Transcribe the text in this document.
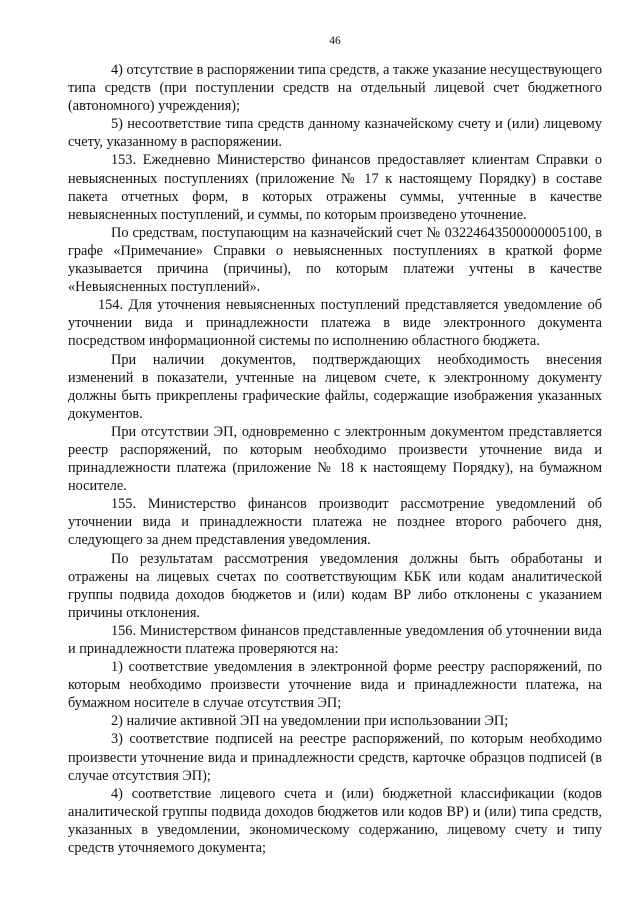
46

4) отсутствие в распоряжении типа средств, а также указание несуществующего типа средств (при поступлении средств на отдельный лицевой счет бюджетного (автономного) учреждения);

5) несоответствие типа средств данному казначейскому счету и (или) лицевому счету, указанному в распоряжении.

153. Ежедневно Министерство финансов предоставляет клиентам Справки о невыясненных поступлениях (приложение № 17 к настоящему Порядку) в составе пакета отчетных форм, в которых отражены суммы, учтенные в качестве невыясненных поступлений, и суммы, по которым произведено уточнение.

По средствам, поступающим на казначейский счет № 03224643500000005100, в графе «Примечание» Справки о невыясненных поступлениях в краткой форме указывается причина (причины), по которым платежи учтены в качестве «Невыясненных поступлений».

154. Для уточнения невыясненных поступлений представляется уведомление об уточнении вида и принадлежности платежа в виде электронного документа посредством информационной системы по исполнению областного бюджета.

При наличии документов, подтверждающих необходимость внесения изменений в показатели, учтенные на лицевом счете, к электронному документу должны быть прикреплены графические файлы, содержащие изображения указанных документов.

При отсутствии ЭП, одновременно с электронным документом представляется реестр распоряжений, по которым необходимо произвести уточнение вида и принадлежности платежа (приложение № 18 к настоящему Порядку), на бумажном носителе.

155. Министерство финансов производит рассмотрение уведомлений об уточнении вида и принадлежности платежа не позднее второго рабочего дня, следующего за днем представления уведомления.

По результатам рассмотрения уведомления должны быть обработаны и отражены на лицевых счетах по соответствующим КБК или кодам аналитической группы подвида доходов бюджетов и (или) кодам ВР либо отклонены с указанием причины отклонения.

156. Министерством финансов представленные уведомления об уточнении вида и принадлежности платежа проверяются на:

1) соответствие уведомления в электронной форме реестру распоряжений, по которым необходимо произвести уточнение вида и принадлежности платежа, на бумажном носителе в случае отсутствия ЭП;

2) наличие активной ЭП на уведомлении при использовании ЭП;

3) соответствие подписей на реестре распоряжений, по которым необходимо произвести уточнение вида и принадлежности средств, карточке образцов подписей (в случае отсутствия ЭП);

4) соответствие лицевого счета и (или) бюджетной классификации (кодов аналитической группы подвида доходов бюджетов или кодов ВР) и (или) типа средств, указанных в уведомлении, экономическому содержанию, лицевому счету и типу средств уточняемого документа;
